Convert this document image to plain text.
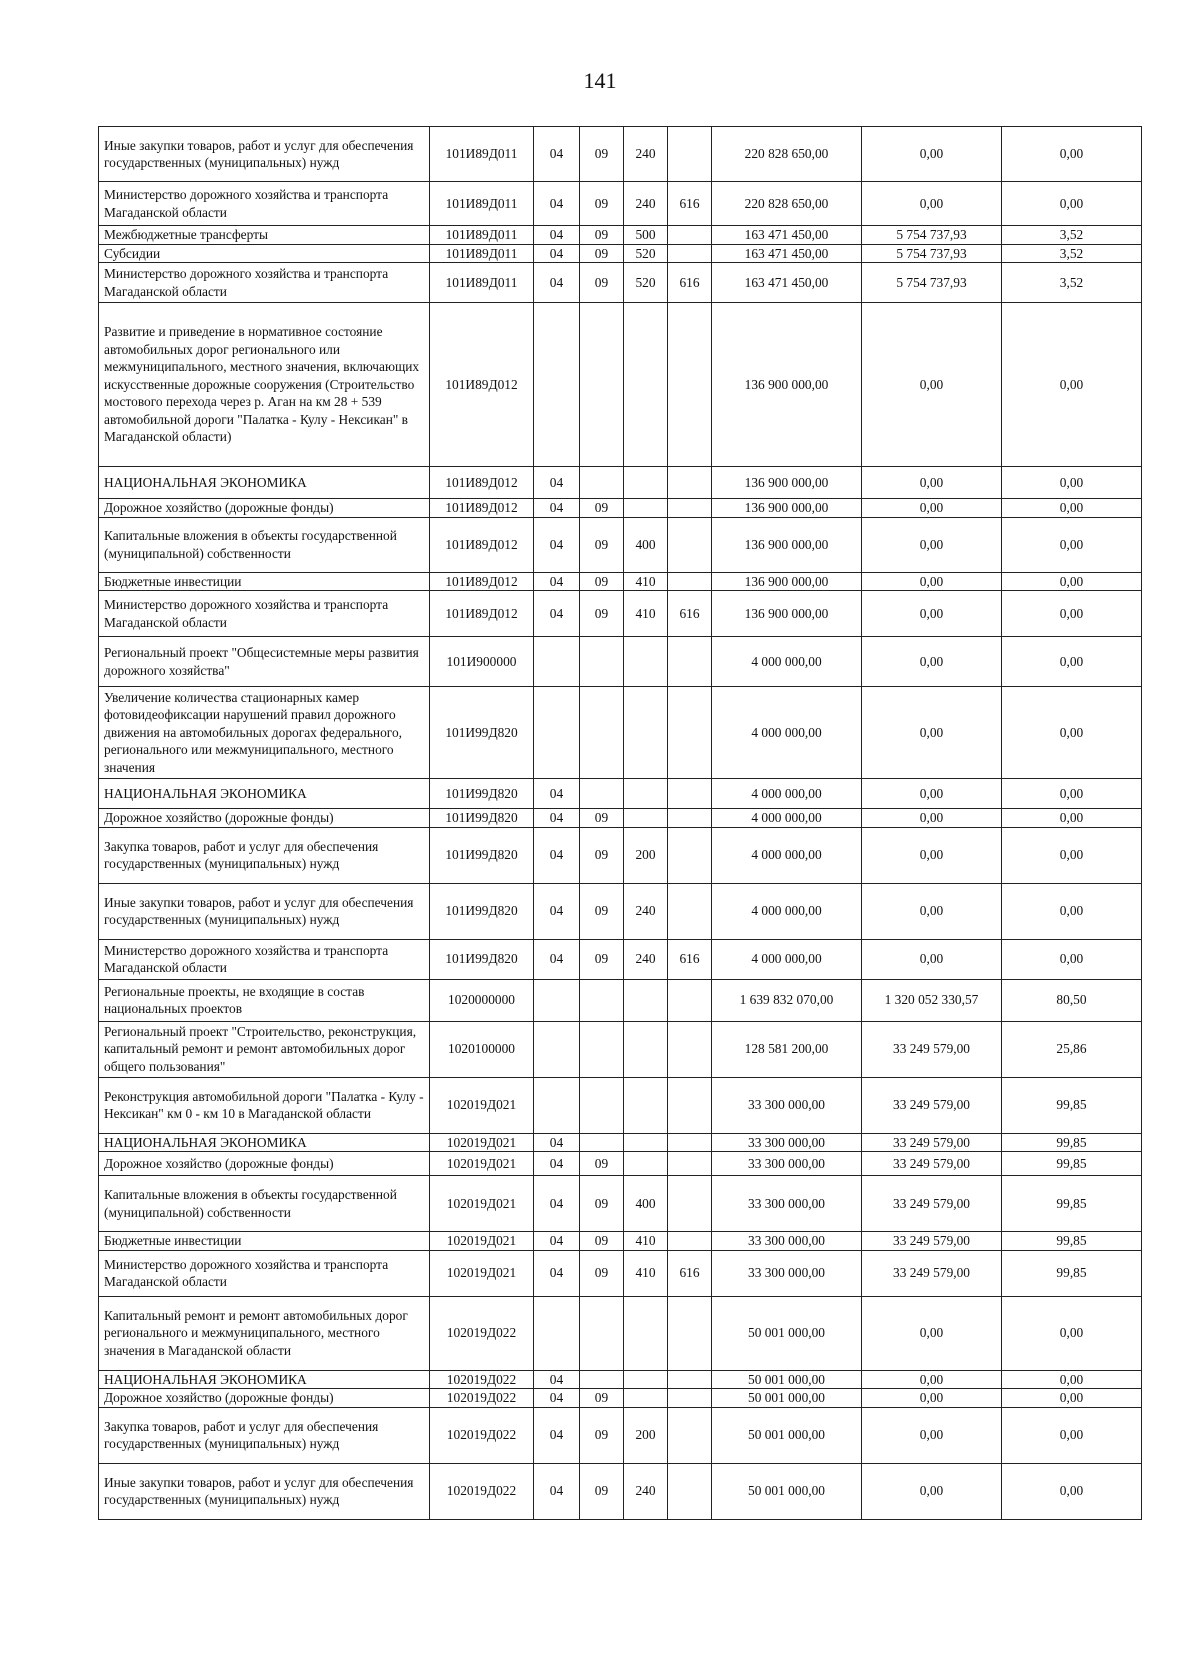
141
Иные закупки товаров, работ и услуг для обеспечения государственных (муниципальных) нужд	101И89Д011	04	09	240		220 828 650,00	0,00	0,00
Министерство дорожного хозяйства и транспорта Магаданской области	101И89Д011	04	09	240	616	220 828 650,00	0,00	0,00
Межбюджетные трансферты	101И89Д011	04	09	500		163 471 450,00	5 754 737,93	3,52
Субсидии	101И89Д011	04	09	520		163 471 450,00	5 754 737,93	3,52
Министерство дорожного хозяйства и транспорта Магаданской области	101И89Д011	04	09	520	616	163 471 450,00	5 754 737,93	3,52
Развитие и приведение в нормативное состояние автомобильных дорог регионального или межмуниципального, местного значения, включающих искусственные дорожные сооружения (Строительство мостового перехода через р. Аган на км 28 + 539 автомобильной дороги "Палатка - Кулу - Нексикан" в Магаданской области)	101И89Д012					136 900 000,00	0,00	0,00
НАЦИОНАЛЬНАЯ ЭКОНОМИКА	101И89Д012	04				136 900 000,00	0,00	0,00
Дорожное хозяйство (дорожные фонды)	101И89Д012	04	09			136 900 000,00	0,00	0,00
Капитальные вложения в объекты государственной (муниципальной) собственности	101И89Д012	04	09	400		136 900 000,00	0,00	0,00
Бюджетные инвестиции	101И89Д012	04	09	410		136 900 000,00	0,00	0,00
Министерство дорожного хозяйства и транспорта Магаданской области	101И89Д012	04	09	410	616	136 900 000,00	0,00	0,00
Региональный проект "Общесистемные меры развития дорожного хозяйства"	101И900000					4 000 000,00	0,00	0,00
Увеличение количества стационарных камер фотовидеофиксации нарушений правил дорожного движения на автомобильных дорогах федерального, регионального или межмуниципального, местного значения	101И99Д820					4 000 000,00	0,00	0,00
НАЦИОНАЛЬНАЯ ЭКОНОМИКА	101И99Д820	04				4 000 000,00	0,00	0,00
Дорожное хозяйство (дорожные фонды)	101И99Д820	04	09			4 000 000,00	0,00	0,00
Закупка товаров, работ и услуг для обеспечения государственных (муниципальных) нужд	101И99Д820	04	09	200		4 000 000,00	0,00	0,00
Иные закупки товаров, работ и услуг для обеспечения государственных (муниципальных) нужд	101И99Д820	04	09	240		4 000 000,00	0,00	0,00
Министерство дорожного хозяйства и транспорта Магаданской области	101И99Д820	04	09	240	616	4 000 000,00	0,00	0,00
Региональные проекты, не входящие в состав национальных проектов	1020000000					1 639 832 070,00	1 320 052 330,57	80,50
Региональный проект "Строительство, реконструкция, капитальный ремонт и ремонт автомобильных дорог общего пользования"	1020100000					128 581 200,00	33 249 579,00	25,86
Реконструкция автомобильной дороги "Палатка - Кулу - Нексикан" км 0 - км 10 в Магаданской области	102019Д021					33 300 000,00	33 249 579,00	99,85
НАЦИОНАЛЬНАЯ ЭКОНОМИКА	102019Д021	04				33 300 000,00	33 249 579,00	99,85
Дорожное хозяйство (дорожные фонды)	102019Д021	04	09			33 300 000,00	33 249 579,00	99,85
Капитальные вложения в объекты государственной (муниципальной) собственности	102019Д021	04	09	400		33 300 000,00	33 249 579,00	99,85
Бюджетные инвестиции	102019Д021	04	09	410		33 300 000,00	33 249 579,00	99,85
Министерство дорожного хозяйства и транспорта Магаданской области	102019Д021	04	09	410	616	33 300 000,00	33 249 579,00	99,85
Капитальный ремонт и ремонт автомобильных дорог регионального и межмуниципального, местного значения в Магаданской области	102019Д022					50 001 000,00	0,00	0,00
НАЦИОНАЛЬНАЯ ЭКОНОМИКА	102019Д022	04				50 001 000,00	0,00	0,00
Дорожное хозяйство (дорожные фонды)	102019Д022	04	09			50 001 000,00	0,00	0,00
Закупка товаров, работ и услуг для обеспечения государственных (муниципальных) нужд	102019Д022	04	09	200		50 001 000,00	0,00	0,00
Иные закупки товаров, работ и услуг для обеспечения государственных (муниципальных) нужд	102019Д022	04	09	240		50 001 000,00	0,00	0,00
